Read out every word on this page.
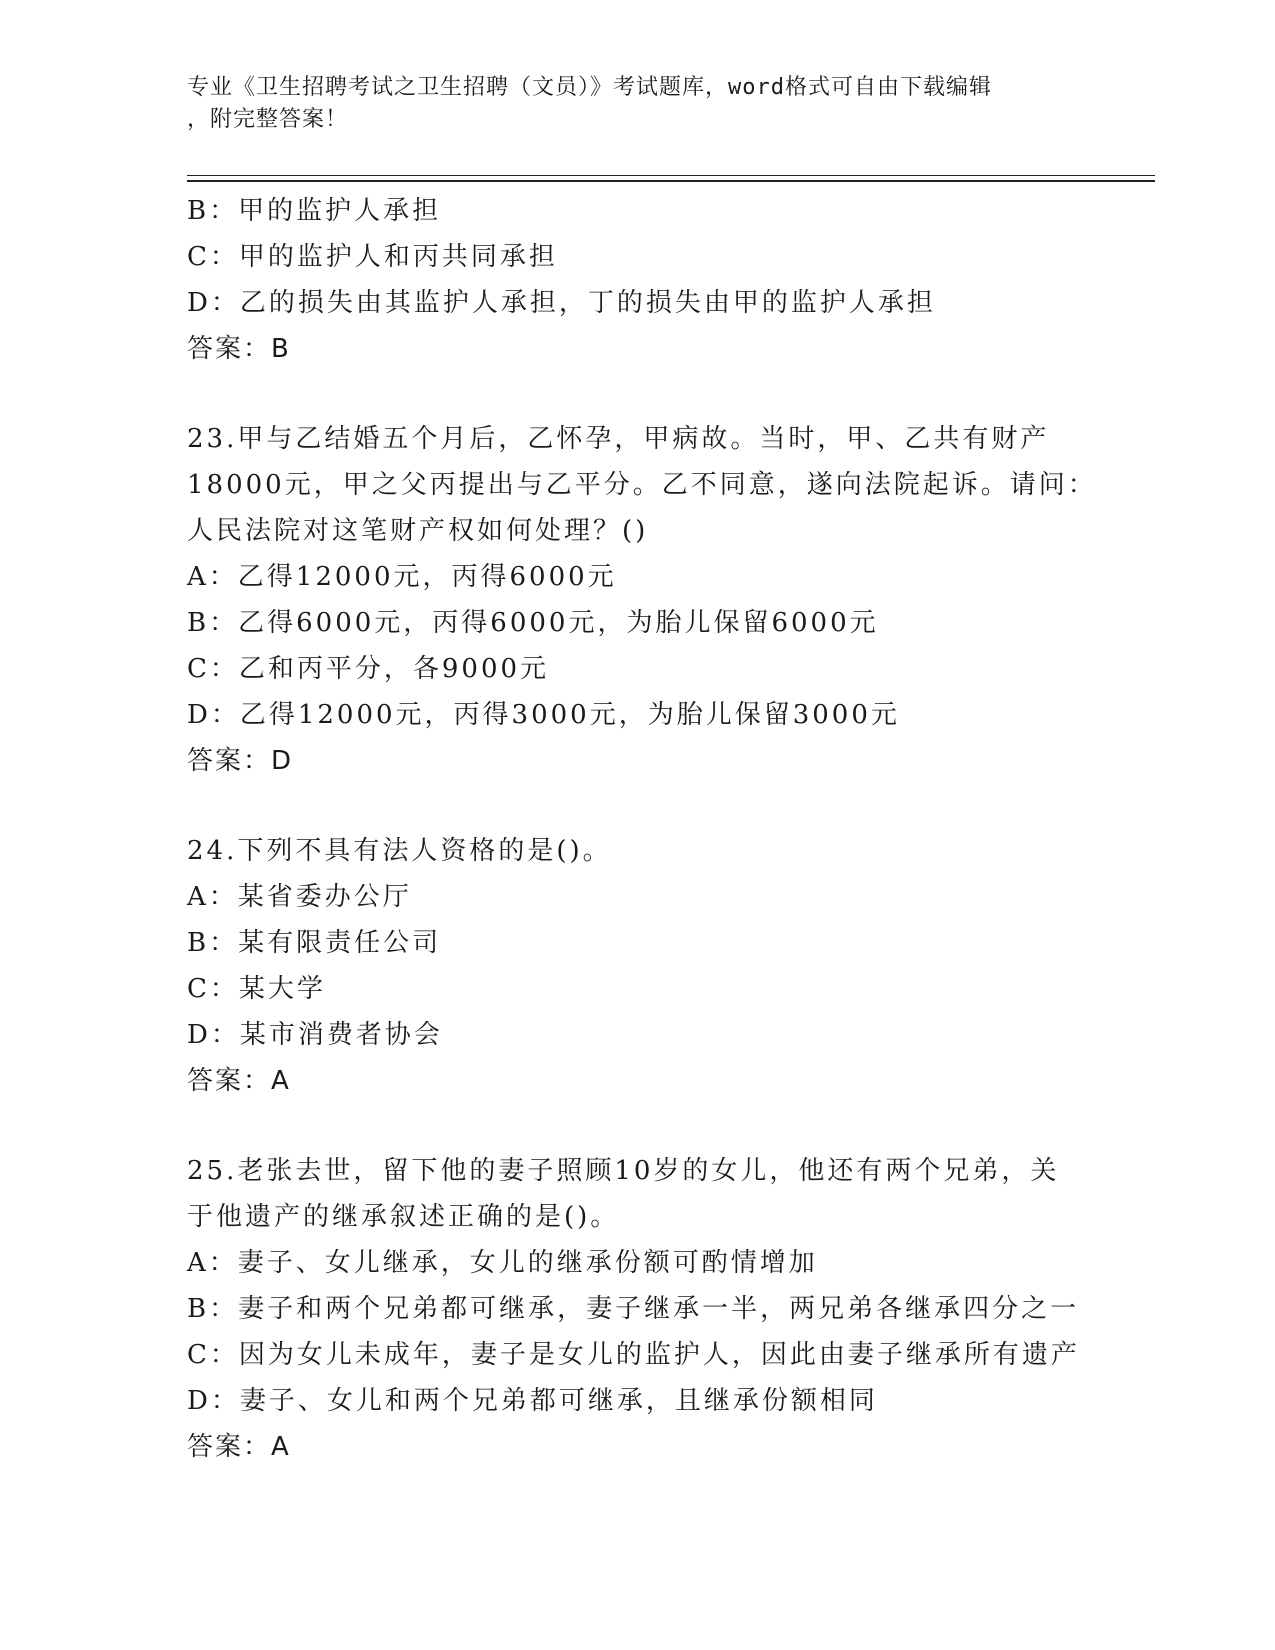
专业《卫生招聘考试之卫生招聘（文员）》考试题库，word格式可自由下载编辑
，附完整答案！
B：甲的监护人承担
C：甲的监护人和丙共同承担
D：乙的损失由其监护人承担，丁的损失由甲的监护人承担
答案：B
23.甲与乙结婚五个月后，乙怀孕，甲病故。当时，甲、乙共有财产
18000元，甲之父丙提出与乙平分。乙不同意，遂向法院起诉。请问：
人民法院对这笔财产权如何处理？()
A：乙得12000元，丙得6000元
B：乙得6000元，丙得6000元，为胎儿保留6000元
C：乙和丙平分，各9000元
D：乙得12000元，丙得3000元，为胎儿保留3000元
答案：D
24.下列不具有法人资格的是()。
A：某省委办公厅
B：某有限责任公司
C：某大学
D：某市消费者协会
答案：A
25.老张去世，留下他的妻子照顾10岁的女儿，他还有两个兄弟，关
于他遗产的继承叙述正确的是()。
A：妻子、女儿继承，女儿的继承份额可酌情增加
B：妻子和两个兄弟都可继承，妻子继承一半，两兄弟各继承四分之一
C：因为女儿未成年，妻子是女儿的监护人，因此由妻子继承所有遗产
D：妻子、女儿和两个兄弟都可继承，且继承份额相同
答案：A
